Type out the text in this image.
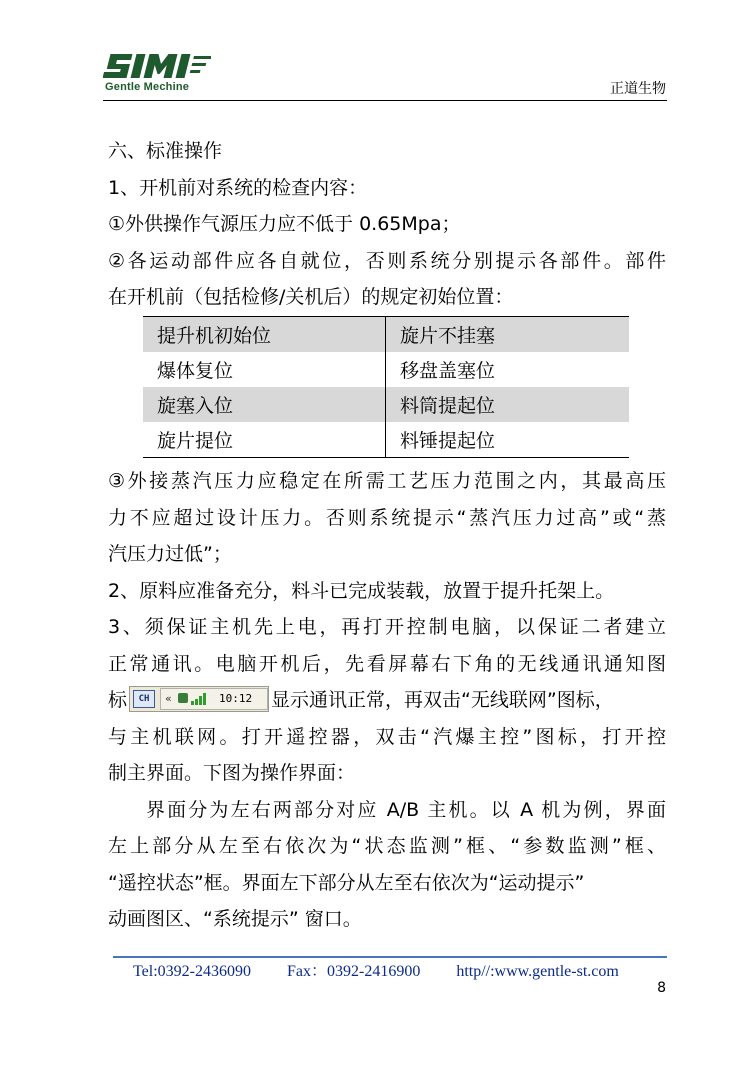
Gentle Mechine	正道生物
六、标准操作
1、开机前对系统的检查内容：
①外供操作气源压力应不低于 0.65Mpa；
②各运动部件应各自就位，否则系统分别提示各部件。部件
在开机前（包括检修/关机后）的规定初始位置：
提升机初始位	旋片不挂塞
爆体复位	移盘盖塞位
旋塞入位	料筒提起位
旋片提位	料锤提起位
③外接蒸汽压力应稳定在所需工艺压力范围之内，其最高压
力不应超过设计压力。否则系统提示“蒸汽压力过高”或“蒸
汽压力过低”；
2、原料应准备充分，料斗已完成装载，放置于提升托架上。
3、须保证主机先上电，再打开控制电脑，以保证二者建立
正常通讯。电脑开机后，先看屏幕右下角的无线通讯通知图
标	CH	«	10:12 显示通讯正常，再双击“无线联网”图标，
与主机联网。打开遥控器，双击“汽爆主控”图标，打开控
制主界面。下图为操作界面：
界面分为左右两部分对应 A/B 主机。以 A 机为例，界面
左上部分从左至右依次为“状态监测”框、“参数监测”框、
“遥控状态”框。界面左下部分从左至右依次为“运动提示”
动画图区、“系统提示” 窗口。
Tel:0392-2436090 Fax：0392-2416900 http//:www.gentle-st.com
8
